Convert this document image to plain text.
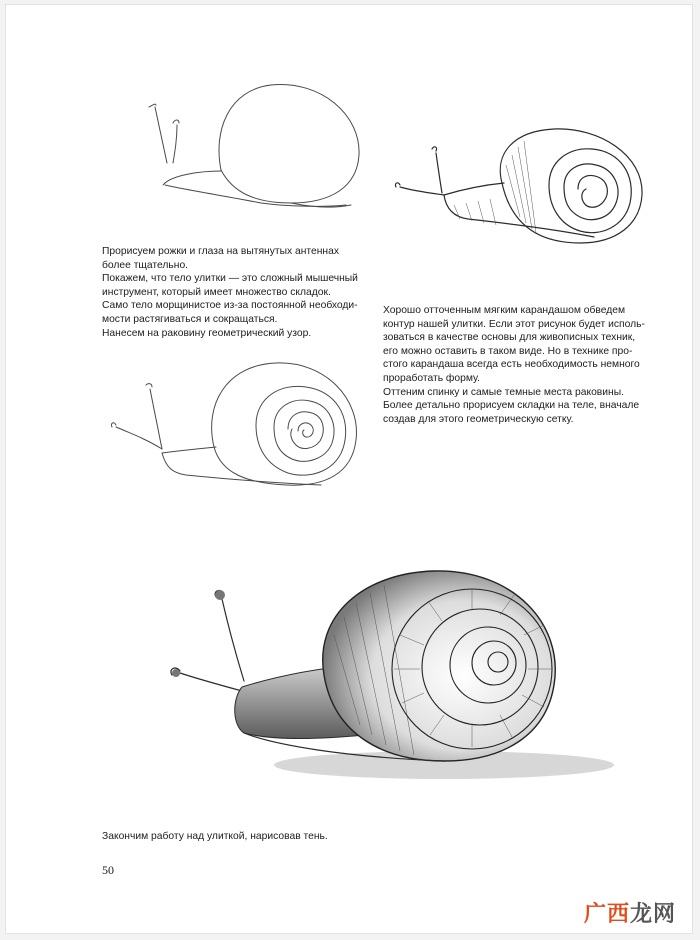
Прорисуем рожки и глаза на вытянутых антеннах
более тщательно.
Покажем, что тело улитки — это сложный мышечный
инструмент, который имеет множество складок.
Само тело морщинистое из-за постоянной необходи-
мости растягиваться и сокращаться.
Нанесем на раковину геометрический узор.

Хорошо отточенным мягким карандашом обведем
контур нашей улитки. Если этот рисунок будет исполь-
зоваться в качестве основы для живописных техник,
его можно оставить в таком виде. Но в технике про-
стого карандаша всегда есть необходимость немного
проработать форму.
Оттеним спинку и самые темные места раковины.
Более детально прорисуем складки на теле, вначале
создав для этого геометрическую сетку.

Закончим работу над улиткой, нарисовав тень.

50
广西龙网
